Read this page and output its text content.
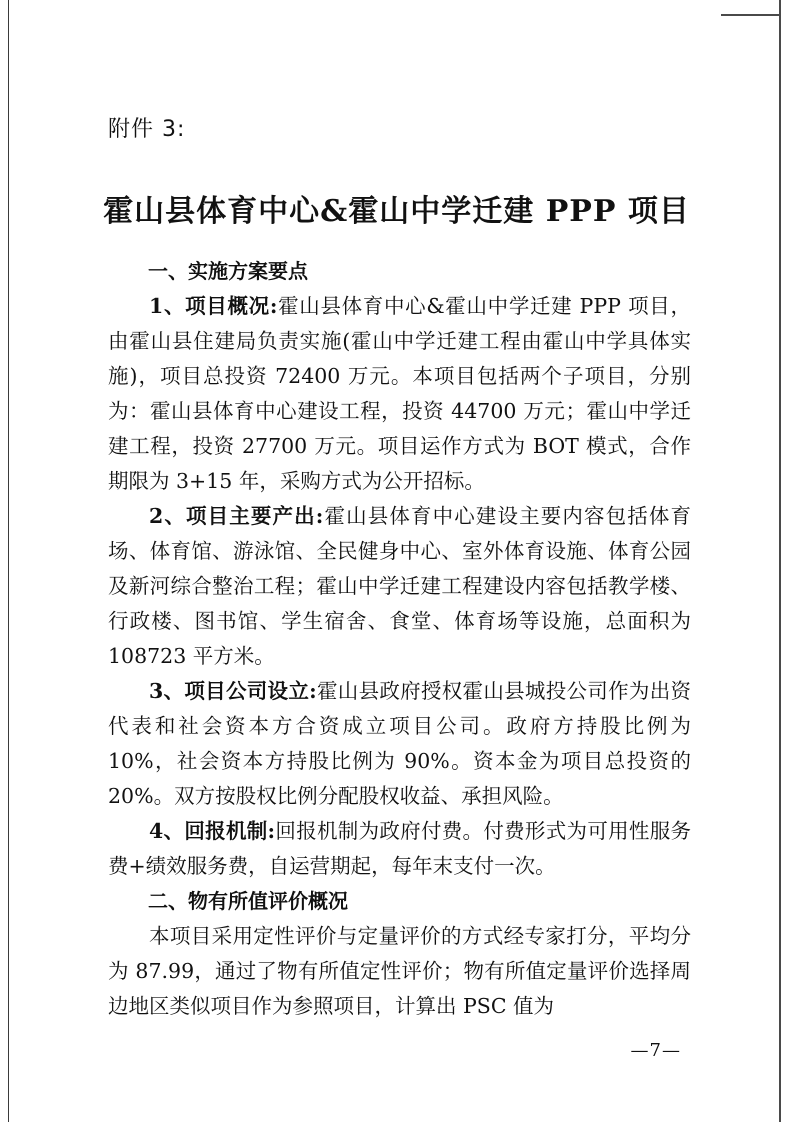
附件 3:
霍山县体育中心&霍山中学迁建 PPP 项目

一、实施方案要点

1、项目概况:霍山县体育中心&霍山中学迁建 PPP 项目，由霍山县住建局负责实施(霍山中学迁建工程由霍山中学具体实施)，项目总投资 72400 万元。本项目包括两个子项目，分别为：霍山县体育中心建设工程，投资 44700 万元；霍山中学迁建工程，投资 27700 万元。项目运作方式为 BOT 模式，合作期限为 3+15 年，采购方式为公开招标。

2、项目主要产出:霍山县体育中心建设主要内容包括体育场、体育馆、游泳馆、全民健身中心、室外体育设施、体育公园及新河综合整治工程；霍山中学迁建工程建设内容包括教学楼、行政楼、图书馆、学生宿舍、食堂、体育场等设施，总面积为 108723 平方米。

3、项目公司设立:霍山县政府授权霍山县城投公司作为出资代表和社会资本方合资成立项目公司。政府方持股比例为 10%，社会资本方持股比例为 90%。资本金为项目总投资的 20%。双方按股权比例分配股权收益、承担风险。

4、回报机制:回报机制为政府付费。付费形式为可用性服务费+绩效服务费，自运营期起，每年末支付一次。

二、物有所值评价概况

本项目采用定性评价与定量评价的方式经专家打分，平均分为 87.99，通过了物有所值定性评价；物有所值定量评价选择周边地区类似项目作为参照项目，计算出 PSC 值为

—7—
